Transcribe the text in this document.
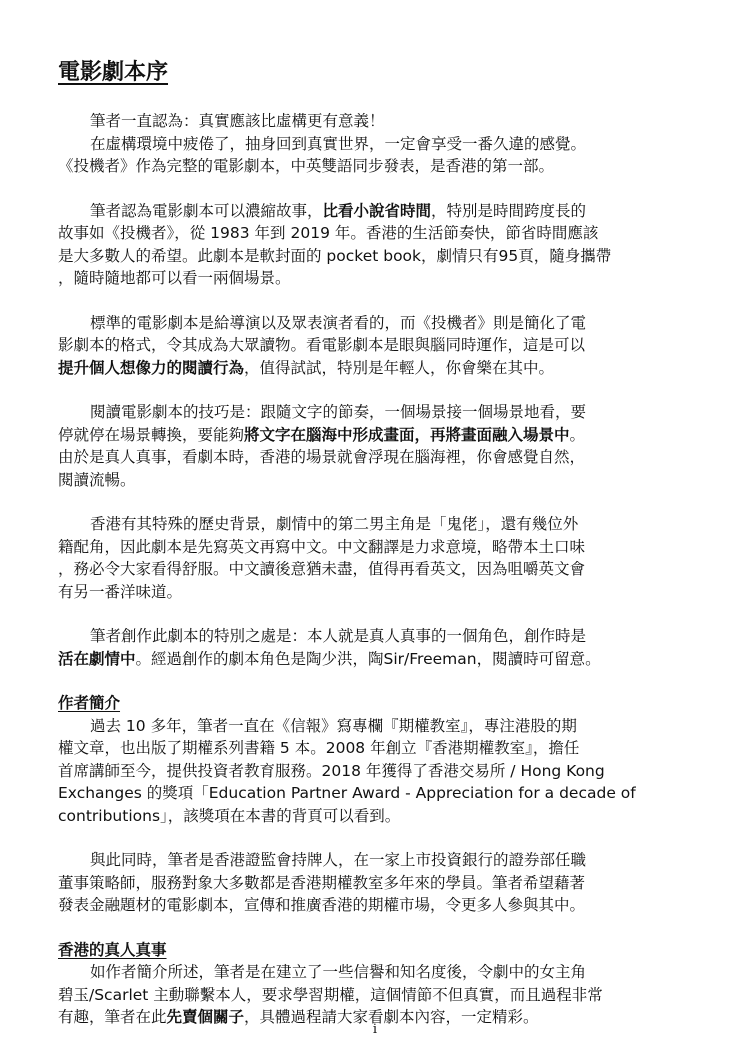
電影劇本序
筆者一直認為：真實應該比虛構更有意義！
在虛構環境中疲倦了，抽身回到真實世界，一定會享受一番久違的感覺。
《投機者》作為完整的電影劇本，中英雙語同步發表，是香港的第一部。
筆者認為電影劇本可以濃縮故事，比看小說省時間，特別是時間跨度長的
故事如《投機者》，從 1983 年到 2019 年。香港的生活節奏快，節省時間應該
是大多數人的希望。此劇本是軟封面的 pocket book，劇情只有95頁，隨身攜帶
，隨時隨地都可以看一兩個場景。
標準的電影劇本是給導演以及眾表演者看的，而《投機者》則是簡化了電
影劇本的格式，令其成為大眾讀物。看電影劇本是眼與腦同時運作，這是可以
提升個人想像力的閱讀行為，值得試試，特別是年輕人，你會樂在其中。
閱讀電影劇本的技巧是：跟隨文字的節奏，一個場景接一個場景地看，要
停就停在場景轉換，要能夠將文字在腦海中形成畫面，再將畫面融入場景中。
由於是真人真事，看劇本時，香港的場景就會浮現在腦海裡，你會感覺自然，
閱讀流暢。
香港有其特殊的歷史背景，劇情中的第二男主角是「鬼佬」，還有幾位外
籍配角，因此劇本是先寫英文再寫中文。中文翻譯是力求意境，略帶本土口味
，務必令大家看得舒服。中文讀後意猶未盡，值得再看英文，因為咀嚼英文會
有另一番洋味道。
筆者創作此劇本的特別之處是：本人就是真人真事的一個角色，創作時是
活在劇情中。經過創作的劇本角色是陶少洪，陶Sir/Freeman，閱讀時可留意。
作者簡介
過去 10 多年，筆者一直在《信報》寫專欄『期權教室』，專注港股的期
權文章，也出版了期權系列書籍 5 本。2008 年創立『香港期權教室』，擔任
首席講師至今，提供投資者教育服務。2018 年獲得了香港交易所 / Hong Kong
Exchanges 的獎項「Education Partner Award - Appreciation for a decade of
contributions」，該獎項在本書的背頁可以看到。
與此同時，筆者是香港證監會持牌人，在一家上市投資銀行的證券部任職
董事策略師，服務對象大多數都是香港期權教室多年來的學員。筆者希望藉著
發表金融題材的電影劇本，宣傳和推廣香港的期權市場，令更多人參與其中。
香港的真人真事
如作者簡介所述，筆者是在建立了一些信譽和知名度後，令劇中的女主角
碧玉/Scarlet 主動聯繫本人，要求學習期權，這個情節不但真實，而且過程非常
有趣，筆者在此先賣個關子，具體過程請大家看劇本內容，一定精彩。
i
